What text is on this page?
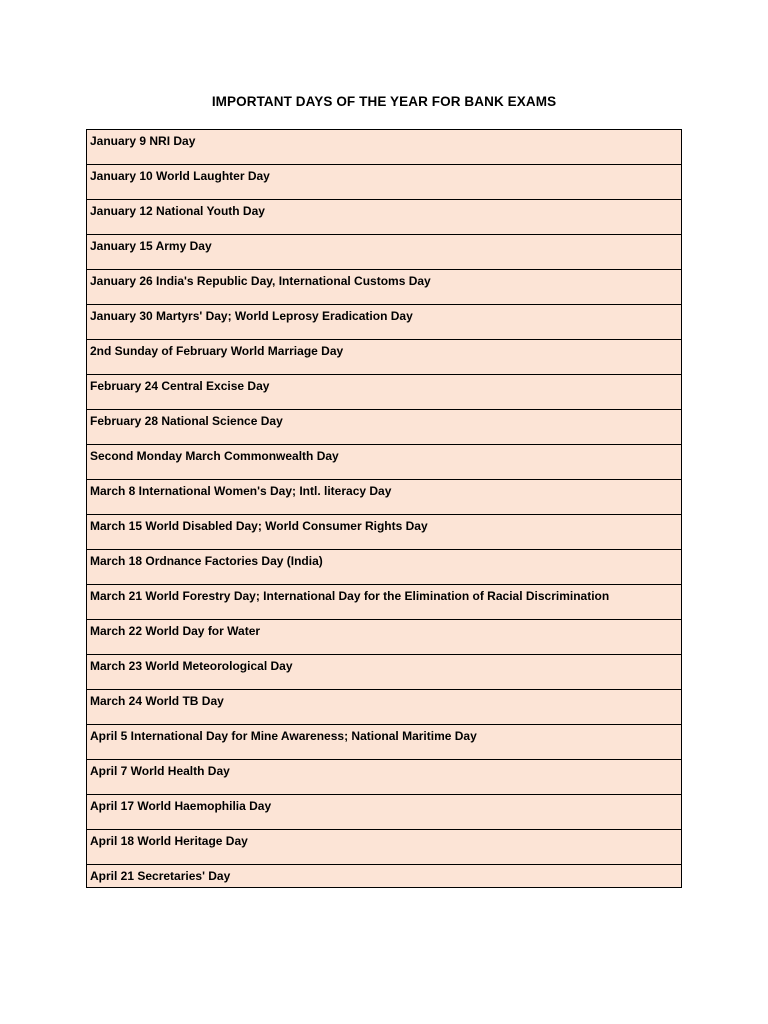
IMPORTANT DAYS OF THE YEAR FOR BANK EXAMS
January 9 NRI Day
January 10 World Laughter Day
January 12 National Youth Day
January 15 Army Day
January 26 India's Republic Day, International Customs Day
January 30 Martyrs' Day; World Leprosy Eradication Day
2nd Sunday of February World Marriage Day
February 24 Central Excise Day
February 28 National Science Day
Second Monday March Commonwealth Day
March 8 International Women's Day; Intl. literacy Day
March 15 World Disabled Day; World Consumer Rights Day
March 18 Ordnance Factories Day (India)
March 21 World Forestry Day; International Day for the Elimination of Racial Discrimination
March 22 World Day for Water
March 23 World Meteorological Day
March 24 World TB Day
April 5 International Day for Mine Awareness; National Maritime Day
April 7 World Health Day
April 17 World Haemophilia Day
April 18 World Heritage Day
April 21 Secretaries' Day
